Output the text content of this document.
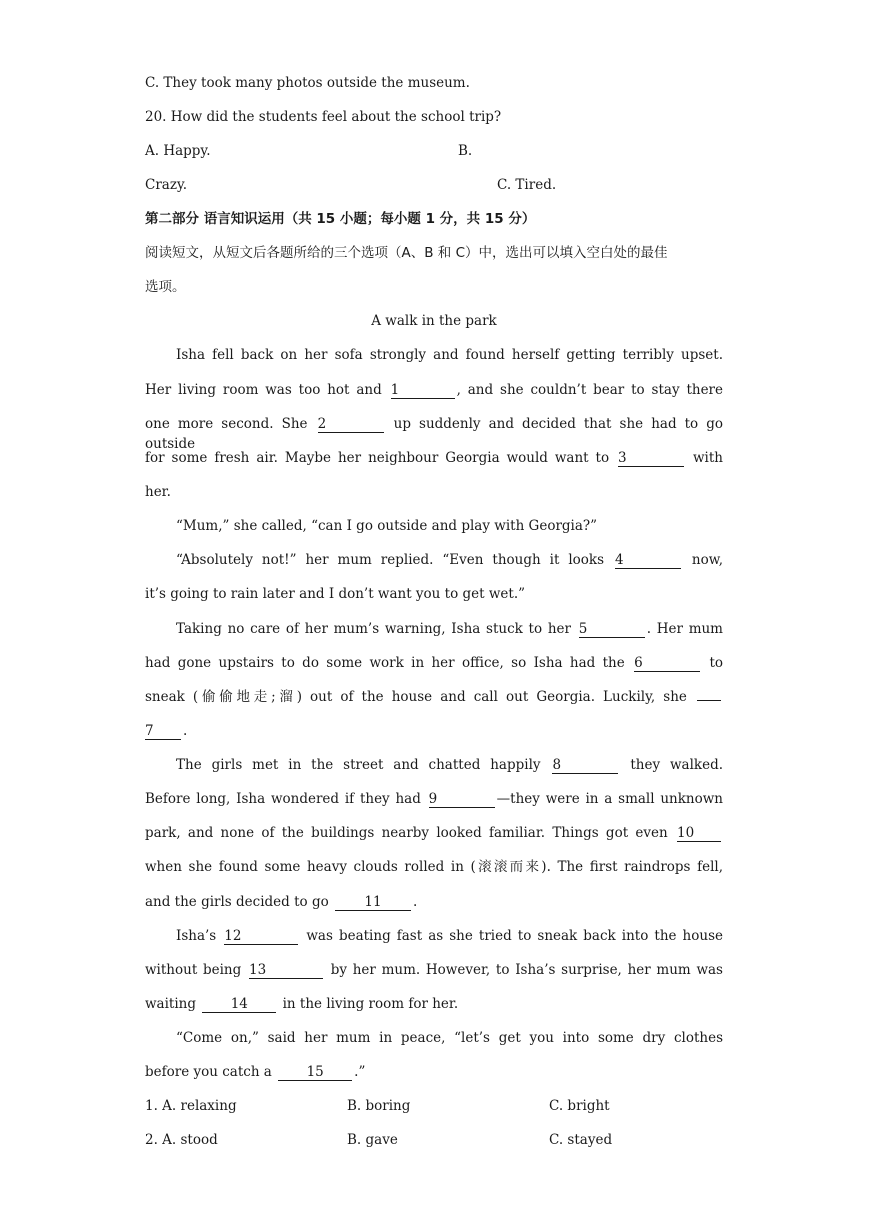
C. They took many photos outside the museum.
20. How did the students feel about the school trip?
A. Happy.	B.
Crazy.	C. Tired.
第二部分 语言知识运用（共 15 小题；每小题 1 分，共 15 分）
阅读短文，从短文后各题所给的三个选项（A、B 和 C）中，选出可以填入空白处的最佳
选项。
A walk in the park
Isha fell back on her sofa strongly and found herself getting terribly upset.
Her living room was too hot and 1	, and she couldn’t bear to stay there
one more second. She 2	up suddenly and decided that she had to go outside
for some fresh air. Maybe her neighbour Georgia would want to 3	with
her.
“Mum,” she called, “can I go outside and play with Georgia?”
“Absolutely not!” her mum replied. “Even though it looks 4	now,
it’s going to rain later and I don’t want you to get wet.”
Taking no care of her mum’s warning, Isha stuck to her 5	. Her mum
had gone upstairs to do some work in her office, so Isha had the 6	to
sneak (偷偷地走;溜) out of the house and call out Georgia. Luckily, she
7 .
The girls met in the street and chatted happily 8	they walked.
Before long, Isha wondered if they had 9	—they were in a small unknown
park, and none of the buildings nearby looked familiar. Things got even 10
when she found some heavy clouds rolled in (滚滚而来). The first raindrops fell,
and the girls decided to go	11 .
Isha’s 12	was beating fast as she tried to sneak back into the house
without being 13	by her mum. However, to Isha’s surprise, her mum was
waiting	14	in the living room for her.
“Come on,” said her mum in peace, “let’s get you into some dry clothes
before you catch a	15 .”
1. A. relaxing	B. boring	C. bright
2. A. stood	B. gave	C. stayed
